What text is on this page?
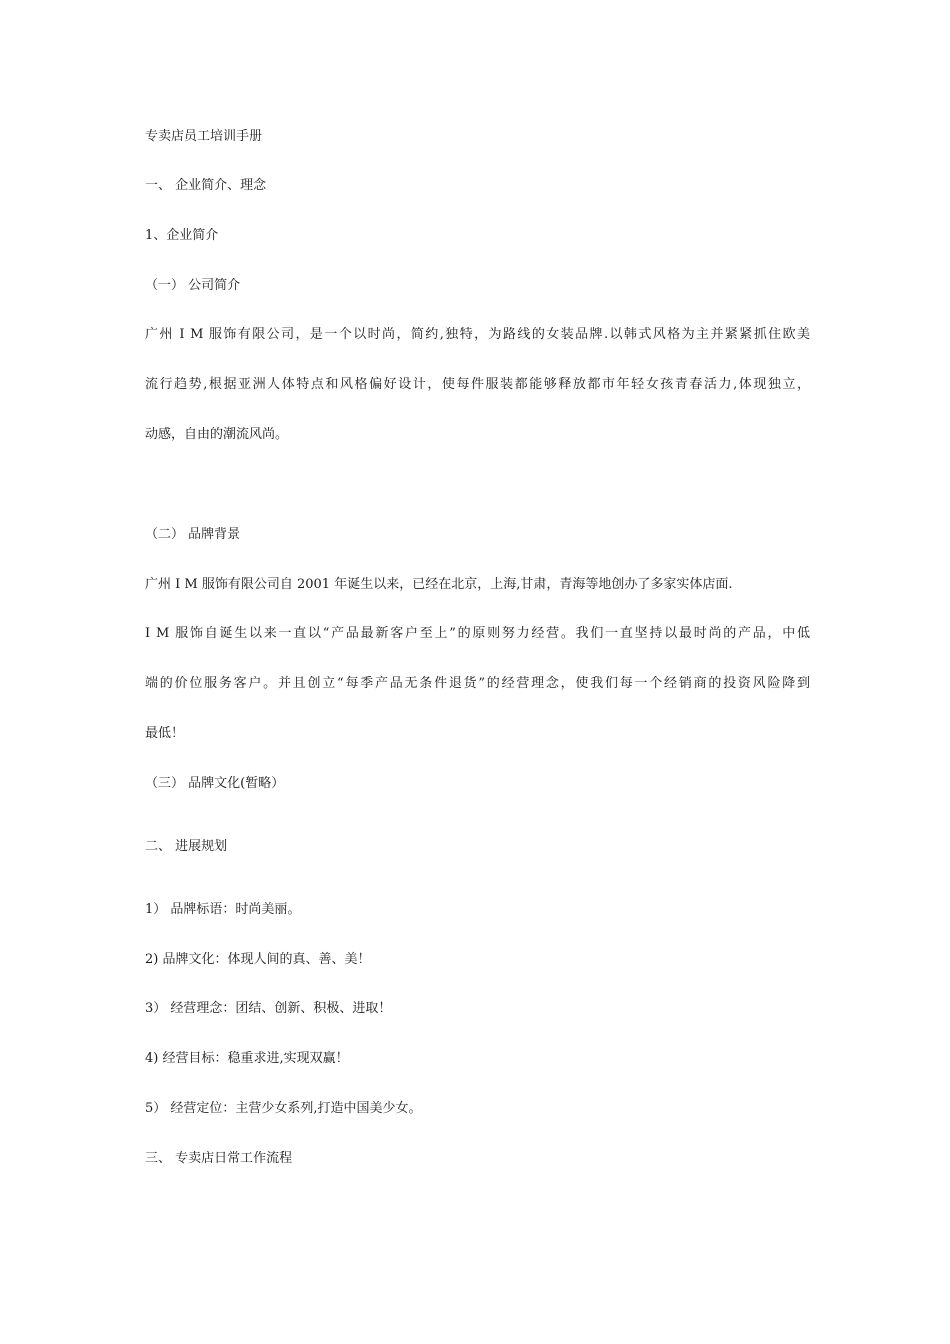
专卖店员工培训手册
一、 企业简介、理念
1、企业简介
（一） 公司简介
广州 I M 服饰有限公司，是一个以时尚，简约,独特，为路线的女装品牌.以韩式风格为主并紧紧抓住欧美
流行趋势,根据亚洲人体特点和风格偏好设计，使每件服装都能够释放都市年轻女孩青春活力,体现独立，
动感，自由的潮流风尚。
（二） 品牌背景
广州 I M 服饰有限公司自 2001 年诞生以来，已经在北京，上海,甘肃，青海等地创办了多家实体店面.
I M 服饰自诞生以来一直以“产品最新客户至上”的原则努力经营。我们一直坚持以最时尚的产品，中低
端的价位服务客户。并且创立“每季产品无条件退货”的经营理念，使我们每一个经销商的投资风险降到
最低！
（三） 品牌文化(暂略）
二、 进展规划
1） 品牌标语：时尚美丽。
2) 品牌文化：体现人间的真、善、美！
3） 经营理念：团结、创新、积极、进取！
4) 经营目标：稳重求进,实现双赢！
5） 经营定位：主营少女系列,打造中国美少女。
三、 专卖店日常工作流程
